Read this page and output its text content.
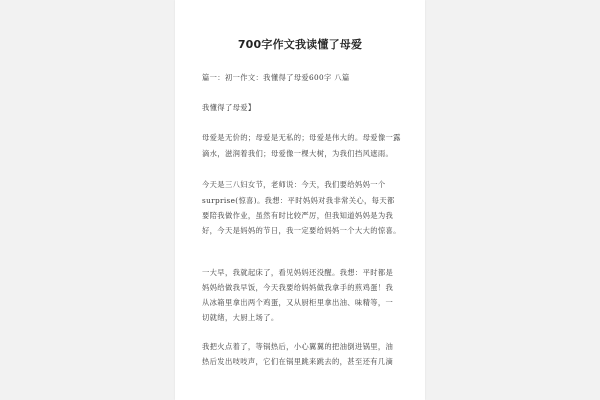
700字作文我读懂了母爱
篇一：初一作文：我懂得了母爱600字 八篇
我懂得了母爱】
母爱是无价的；母爱是无私的；母爱是伟大的。母爱像一露
滴水，滋润着我们；母爱像一棵大树，为我们挡风遮雨。
今天是三八妇女节，老师说：今天，我们要给妈妈一个
surprise(惊喜)。我想：平时妈妈对我非常关心，每天都
要陪我做作业，虽然有时比较严厉，但我知道妈妈是为我
好，今天是妈妈的节日，我一定要给妈妈一个大大的惊喜。
一大早，我就起床了，看见妈妈还没醒。我想：平时都是
妈妈给做我早饭，今天我要给妈妈做我拿手的煎鸡蛋！我
从冰箱里拿出两个鸡蛋，又从厨柜里拿出油、味精等，一
切就绪，大厨上场了。
我把火点着了，等锅热后，小心翼翼的把油倒进锅里，油
热后发出吱吱声，它们在锅里跳来跳去的，甚至还有几滴
